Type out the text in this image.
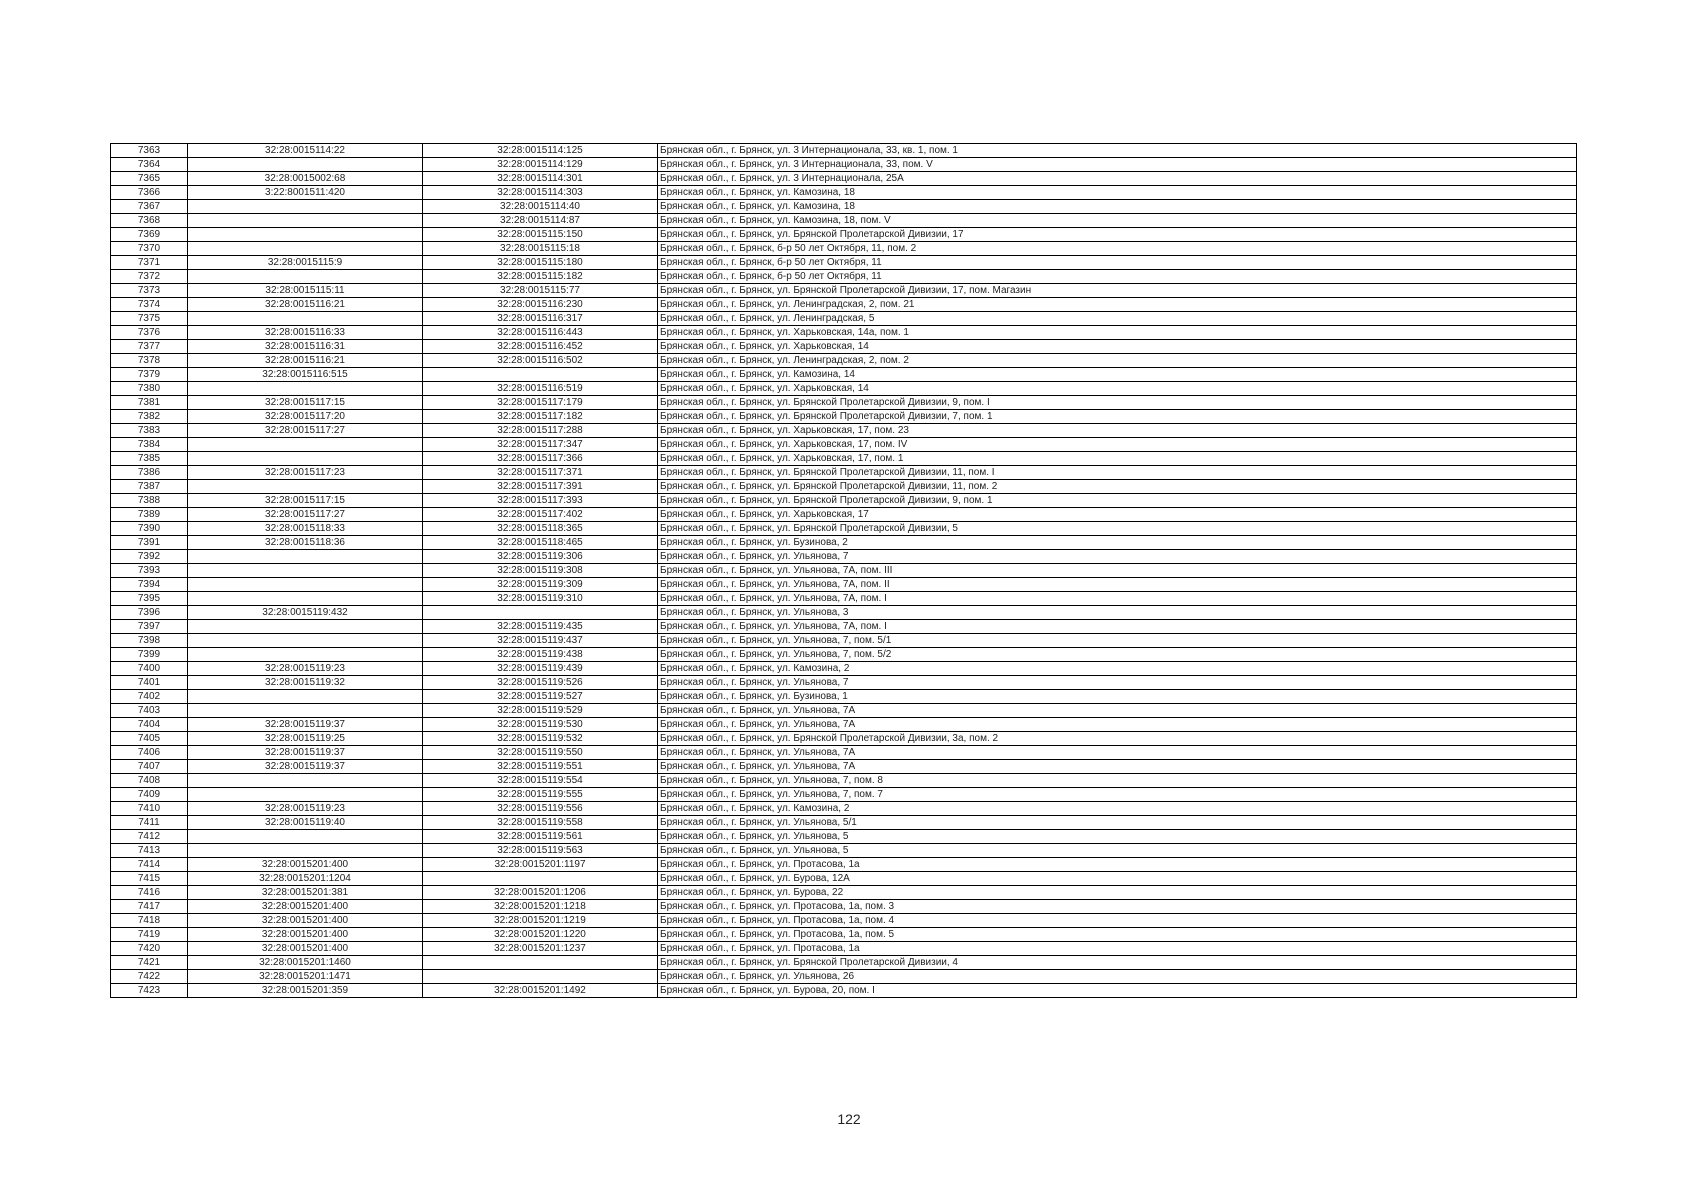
7363	32:28:0015114:22	32:28:0015114:125	Брянская обл., г. Брянск, ул. 3 Интернационала, 33, кв. 1, пом. 1
7364		32:28:0015114:129	Брянская обл., г. Брянск, ул. 3 Интернационала, 33, пом. V
7365	32:28:0015002:68	32:28:0015114:301	Брянская обл., г. Брянск, ул. 3 Интернационала, 25А
7366	3:22:8001511:420	32:28:0015114:303	Брянская обл., г. Брянск, ул. Камозина, 18
7367		32:28:0015114:40	Брянская обл., г. Брянск, ул. Камозина, 18
7368		32:28:0015114:87	Брянская обл., г. Брянск, ул. Камозина, 18, пом. V
7369		32:28:0015115:150	Брянская обл., г. Брянск, ул. Брянской Пролетарской Дивизии, 17
7370		32:28:0015115:18	Брянская обл., г. Брянск, б-р 50 лет Октября, 11, пом. 2
7371	32:28:0015115:9	32:28:0015115:180	Брянская обл., г. Брянск, б-р 50 лет Октября, 11
7372		32:28:0015115:182	Брянская обл., г. Брянск, б-р 50 лет Октября, 11
7373	32:28:0015115:11	32:28:0015115:77	Брянская обл., г. Брянск, ул. Брянской Пролетарской Дивизии, 17, пом. Магазин
7374	32:28:0015116:21	32:28:0015116:230	Брянская обл., г. Брянск, ул. Ленинградская, 2, пом. 21
7375		32:28:0015116:317	Брянская обл., г. Брянск, ул. Ленинградская, 5
7376	32:28:0015116:33	32:28:0015116:443	Брянская обл., г. Брянск, ул. Харьковская, 14а, пом. 1
7377	32:28:0015116:31	32:28:0015116:452	Брянская обл., г. Брянск, ул. Харьковская, 14
7378	32:28:0015116:21	32:28:0015116:502	Брянская обл., г. Брянск, ул. Ленинградская, 2, пом. 2
7379	32:28:0015116:515		Брянская обл., г. Брянск, ул. Камозина, 14
7380		32:28:0015116:519	Брянская обл., г. Брянск, ул. Харьковская, 14
7381	32:28:0015117:15	32:28:0015117:179	Брянская обл., г. Брянск, ул. Брянской Пролетарской Дивизии, 9, пом. I
7382	32:28:0015117:20	32:28:0015117:182	Брянская обл., г. Брянск, ул. Брянской Пролетарской Дивизии, 7, пом. 1
7383	32:28:0015117:27	32:28:0015117:288	Брянская обл., г. Брянск, ул. Харьковская, 17, пом. 23
7384		32:28:0015117:347	Брянская обл., г. Брянск, ул. Харьковская, 17, пом. IV
7385		32:28:0015117:366	Брянская обл., г. Брянск, ул. Харьковская, 17, пом. 1
7386	32:28:0015117:23	32:28:0015117:371	Брянская обл., г. Брянск, ул. Брянской Пролетарской Дивизии, 11, пом. I
7387		32:28:0015117:391	Брянская обл., г. Брянск, ул. Брянской Пролетарской Дивизии, 11, пом. 2
7388	32:28:0015117:15	32:28:0015117:393	Брянская обл., г. Брянск, ул. Брянской Пролетарской Дивизии, 9, пом. 1
7389	32:28:0015117:27	32:28:0015117:402	Брянская обл., г. Брянск, ул. Харьковская, 17
7390	32:28:0015118:33	32:28:0015118:365	Брянская обл., г. Брянск, ул. Брянской Пролетарской Дивизии, 5
7391	32:28:0015118:36	32:28:0015118:465	Брянская обл., г. Брянск, ул. Бузинова, 2
7392		32:28:0015119:306	Брянская обл., г. Брянск, ул. Ульянова, 7
7393		32:28:0015119:308	Брянская обл., г. Брянск, ул. Ульянова, 7А, пом. III
7394		32:28:0015119:309	Брянская обл., г. Брянск, ул. Ульянова, 7А, пом. II
7395		32:28:0015119:310	Брянская обл., г. Брянск, ул. Ульянова, 7А, пом. I
7396	32:28:0015119:432		Брянская обл., г. Брянск, ул. Ульянова, 3
7397		32:28:0015119:435	Брянская обл., г. Брянск, ул. Ульянова, 7А, пом. I
7398		32:28:0015119:437	Брянская обл., г. Брянск, ул. Ульянова, 7, пом. 5/1
7399		32:28:0015119:438	Брянская обл., г. Брянск, ул. Ульянова, 7, пом. 5/2
7400	32:28:0015119:23	32:28:0015119:439	Брянская обл., г. Брянск, ул. Камозина, 2
7401	32:28:0015119:32	32:28:0015119:526	Брянская обл., г. Брянск, ул. Ульянова, 7
7402		32:28:0015119:527	Брянская обл., г. Брянск, ул. Бузинова, 1
7403		32:28:0015119:529	Брянская обл., г. Брянск, ул. Ульянова, 7А
7404	32:28:0015119:37	32:28:0015119:530	Брянская обл., г. Брянск, ул. Ульянова, 7А
7405	32:28:0015119:25	32:28:0015119:532	Брянская обл., г. Брянск, ул. Брянской Пролетарской Дивизии, 3а, пом. 2
7406	32:28:0015119:37	32:28:0015119:550	Брянская обл., г. Брянск, ул. Ульянова, 7А
7407	32:28:0015119:37	32:28:0015119:551	Брянская обл., г. Брянск, ул. Ульянова, 7А
7408		32:28:0015119:554	Брянская обл., г. Брянск, ул. Ульянова, 7, пом. 8
7409		32:28:0015119:555	Брянская обл., г. Брянск, ул. Ульянова, 7, пом. 7
7410	32:28:0015119:23	32:28:0015119:556	Брянская обл., г. Брянск, ул. Камозина, 2
7411	32:28:0015119:40	32:28:0015119:558	Брянская обл., г. Брянск, ул. Ульянова, 5/1
7412		32:28:0015119:561	Брянская обл., г. Брянск, ул. Ульянова, 5
7413		32:28:0015119:563	Брянская обл., г. Брянск, ул. Ульянова, 5
7414	32:28:0015201:400	32:28:0015201:1197	Брянская обл., г. Брянск, ул. Протасова, 1а
7415	32:28:0015201:1204		Брянская обл., г. Брянск, ул. Бурова, 12А
7416	32:28:0015201:381	32:28:0015201:1206	Брянская обл., г. Брянск, ул. Бурова, 22
7417	32:28:0015201:400	32:28:0015201:1218	Брянская обл., г. Брянск, ул. Протасова, 1а, пом. 3
7418	32:28:0015201:400	32:28:0015201:1219	Брянская обл., г. Брянск, ул. Протасова, 1а, пом. 4
7419	32:28:0015201:400	32:28:0015201:1220	Брянская обл., г. Брянск, ул. Протасова, 1а, пом. 5
7420	32:28:0015201:400	32:28:0015201:1237	Брянская обл., г. Брянск, ул. Протасова, 1а
7421	32:28:0015201:1460		Брянская обл., г. Брянск, ул. Брянской Пролетарской Дивизии, 4
7422	32:28:0015201:1471		Брянская обл., г. Брянск, ул. Ульянова, 26
7423	32:28:0015201:359	32:28:0015201:1492	Брянская обл., г. Брянск, ул. Бурова, 20, пом. I
122
